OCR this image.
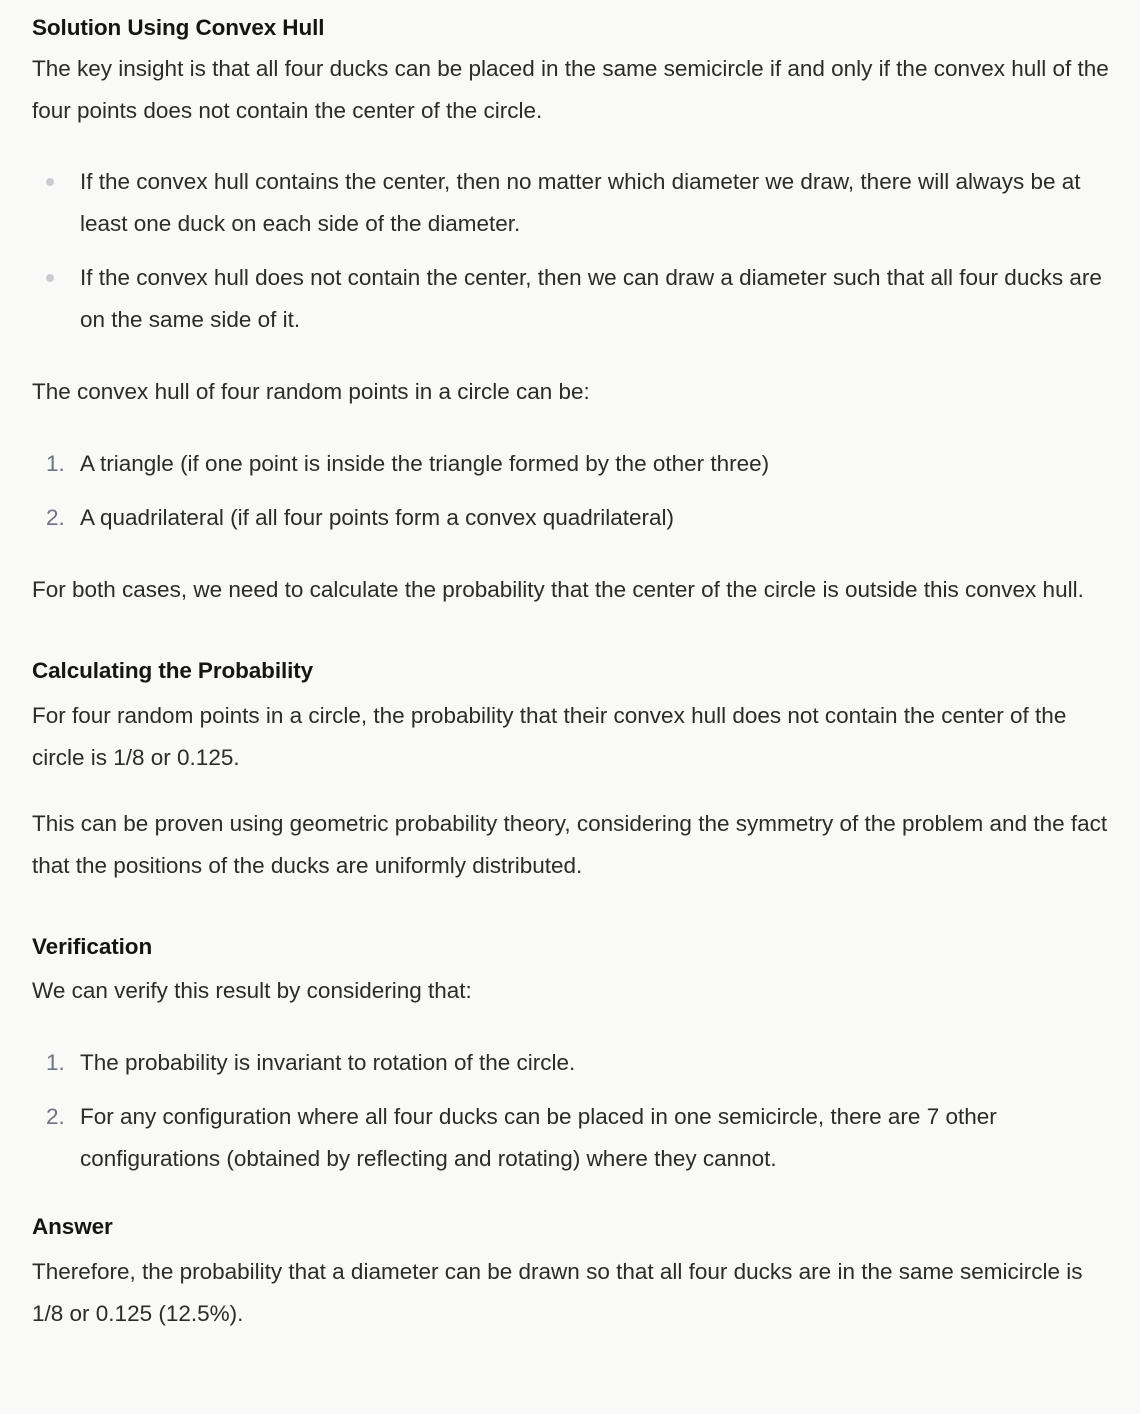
Solution Using Convex Hull

The key insight is that all four ducks can be placed in the same semicircle if and only if the convex hull of the four points does not contain the center of the circle.

If the convex hull contains the center, then no matter which diameter we draw, there will always be at least one duck on each side of the diameter.
If the convex hull does not contain the center, then we can draw a diameter such that all four ducks are on the same side of it.

The convex hull of four random points in a circle can be:

1. A triangle (if one point is inside the triangle formed by the other three)
2. A quadrilateral (if all four points form a convex quadrilateral)

For both cases, we need to calculate the probability that the center of the circle is outside this convex hull.

Calculating the Probability

For four random points in a circle, the probability that their convex hull does not contain the center of the circle is 1/8 or 0.125.

This can be proven using geometric probability theory, considering the symmetry of the problem and the fact that the positions of the ducks are uniformly distributed.

Verification

We can verify this result by considering that:

1. The probability is invariant to rotation of the circle.
2. For any configuration where all four ducks can be placed in one semicircle, there are 7 other configurations (obtained by reflecting and rotating) where they cannot.
Answer

Therefore, the probability that a diameter can be drawn so that all four ducks are in the same semicircle is 1/8 or 0.125 (12.5%).
